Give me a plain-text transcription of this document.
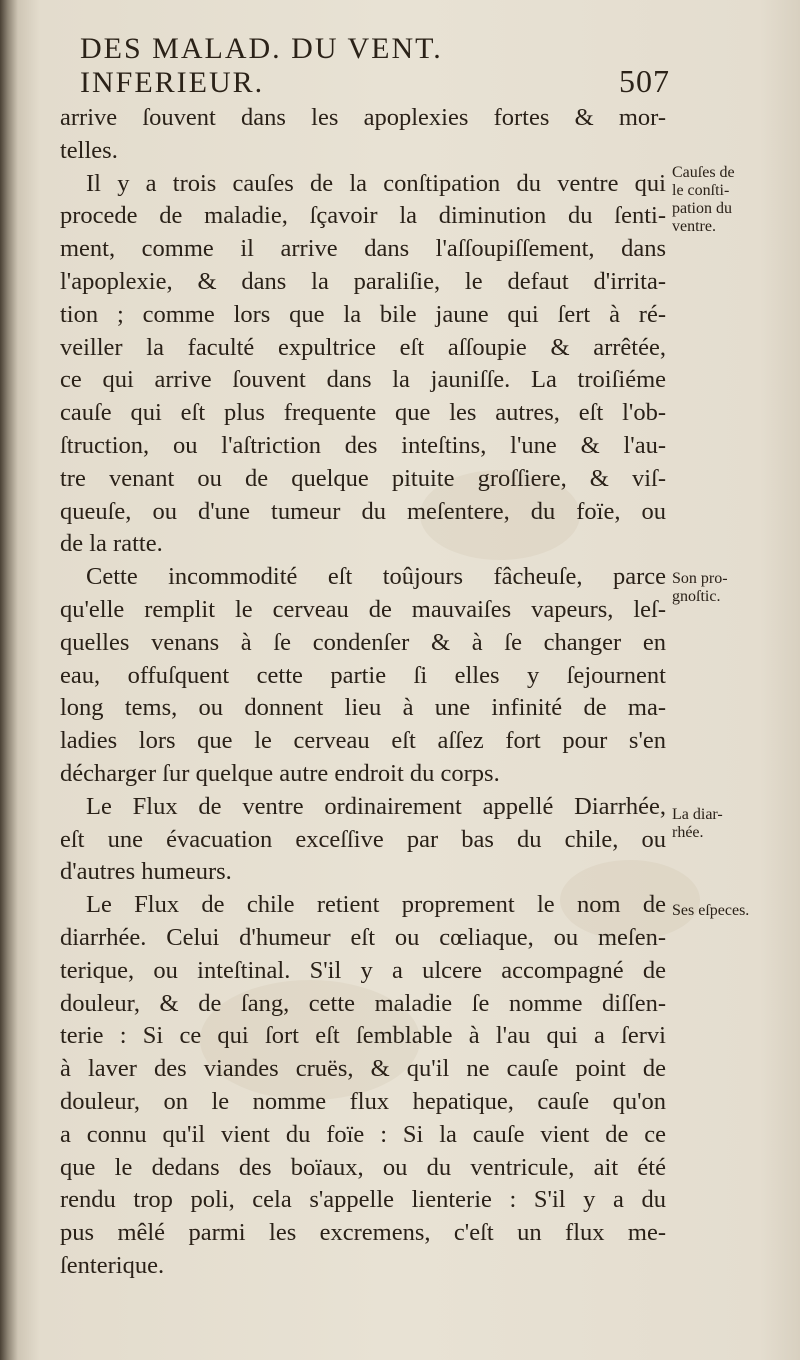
DES MALAD. DU VENT. INFERIEUR.	507
arrive ſouvent dans les apoplexies fortes & mor-
telles.
Il y a trois cauſes de la conſtipation du ventre qui
procede de maladie, ſçavoir la diminution du ſenti-
ment, comme il arrive dans l'aſſoupiſſement, dans
l'apoplexie, & dans la paraliſie, le defaut d'irrita-
tion ; comme lors que la bile jaune qui ſert à ré-
veiller la faculté expultrice eſt aſſoupie & arrêtée,
ce qui arrive ſouvent dans la jauniſſe. La troiſiéme
cauſe qui eſt plus frequente que les autres, eſt l'ob-
ſtruction, ou l'aſtriction des inteſtins, l'une & l'au-
tre venant ou de quelque pituite groſſiere, & viſ-
queuſe, ou d'une tumeur du meſentere, du foïe, ou
de la ratte.
Cette incommodité eſt toûjours fâcheuſe, parce
qu'elle remplit le cerveau de mauvaiſes vapeurs, leſ-
quelles venans à ſe condenſer & à ſe changer en
eau, offuſquent cette partie ſi elles y ſejournent
long tems, ou donnent lieu à une infinité de ma-
ladies lors que le cerveau eſt aſſez fort pour s'en
décharger ſur quelque autre endroit du corps.
Le Flux de ventre ordinairement appellé Diarrhée,
eſt une évacuation exceſſive par bas du chile, ou
d'autres humeurs.
Le Flux de chile retient proprement le nom de
diarrhée. Celui d'humeur eſt ou cœliaque, ou meſen-
terique, ou inteſtinal. S'il y a ulcere accompagné de
douleur, & de ſang, cette maladie ſe nomme diſſen-
terie : Si ce qui ſort eſt ſemblable à l'au qui a ſervi
à laver des viandes cruës, & qu'il ne cauſe point de
douleur, on le nomme flux hepatique, cauſe qu'on
a connu qu'il vient du foïe : Si la cauſe vient de ce
que le dedans des boïaux, ou du ventricule, ait été
rendu trop poli, cela s'appelle lienterie : S'il y a du
pus mêlé parmi les excremens, c'eſt un flux me-
ſenterique.
Cauſes de
le conſti-
pation du
ventre.
Son pro-
gnoſtic.
La diar-
rhée.
Ses eſpeces.
